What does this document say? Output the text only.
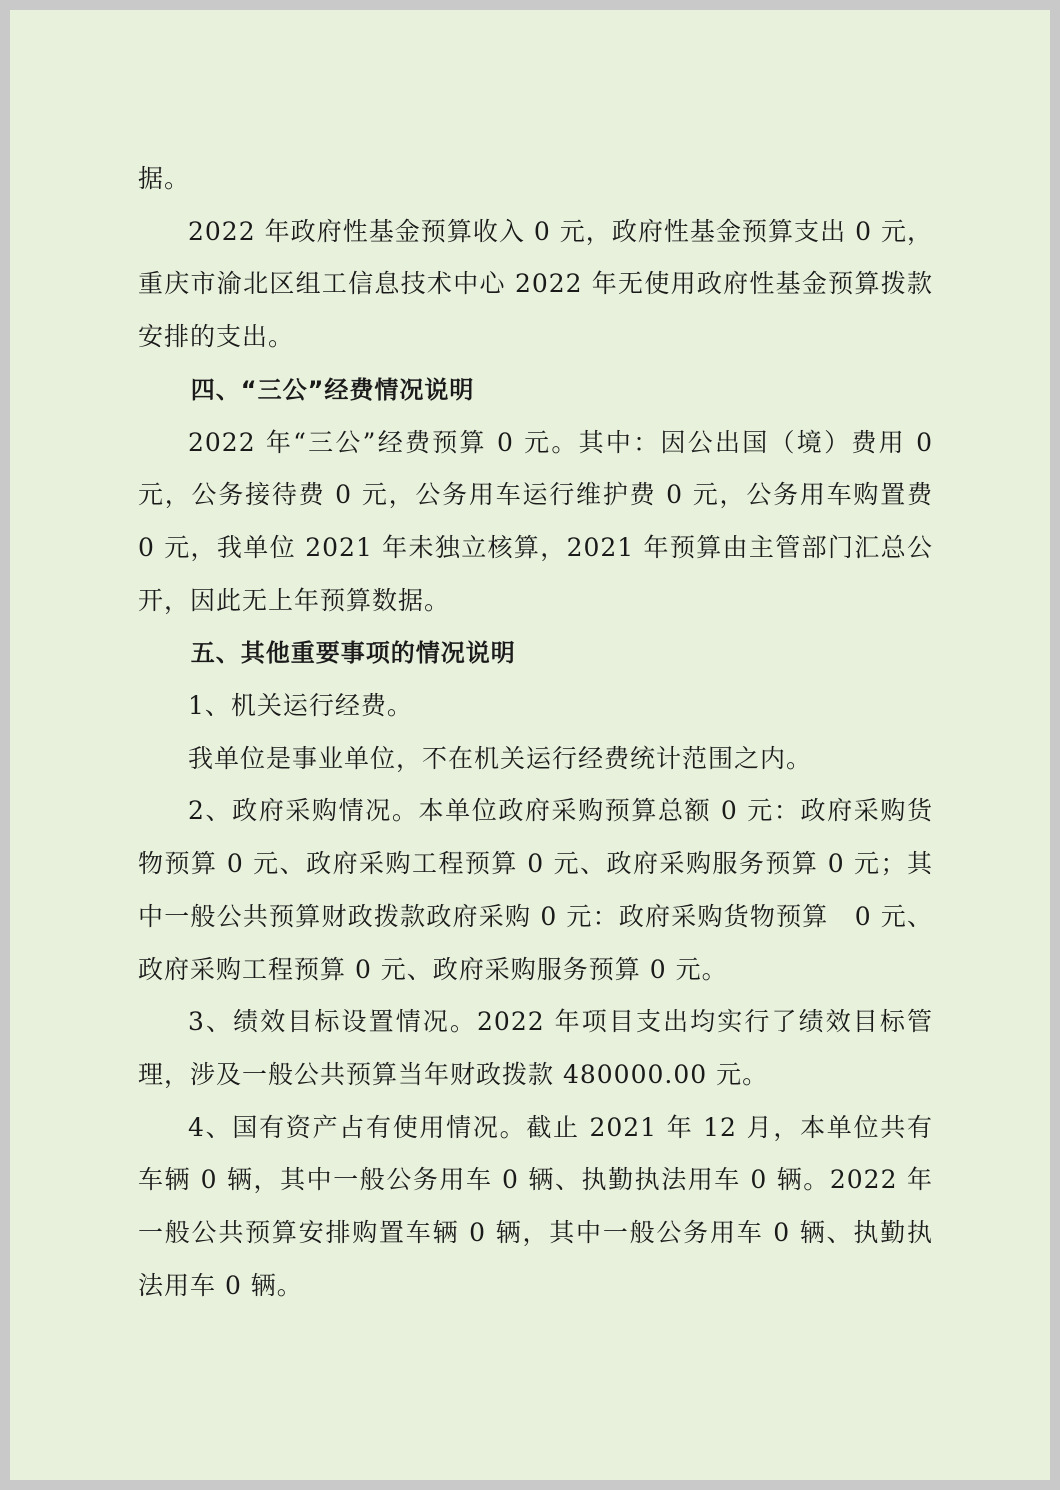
据。

2022 年政府性基金预算收入 0 元，政府性基金预算支出 0 元，重庆市渝北区组工信息技术中心 2022 年无使用政府性基金预算拨款安排的支出。

四、“三公”经费情况说明

2022 年“三公”经费预算 0 元。其中：因公出国（境）费用 0 元，公务接待费 0 元，公务用车运行维护费 0 元，公务用车购置费 0 元，我单位 2021 年未独立核算，2021 年预算由主管部门汇总公开，因此无上年预算数据。

五、其他重要事项的情况说明

1、机关运行经费。

我单位是事业单位，不在机关运行经费统计范围之内。

2、政府采购情况。本单位政府采购预算总额 0 元：政府采购货物预算 0 元、政府采购工程预算 0 元、政府采购服务预算 0 元；其中一般公共预算财政拨款政府采购 0 元：政府采购货物预算　0 元、政府采购工程预算 0 元、政府采购服务预算 0 元。

3、绩效目标设置情况。2022 年项目支出均实行了绩效目标管理，涉及一般公共预算当年财政拨款 480000.00 元。

4、国有资产占有使用情况。截止 2021 年 12 月，本单位共有车辆 0 辆，其中一般公务用车 0 辆、执勤执法用车 0 辆。2022 年一般公共预算安排购置车辆 0 辆，其中一般公务用车 0 辆、执勤执法用车 0 辆。
